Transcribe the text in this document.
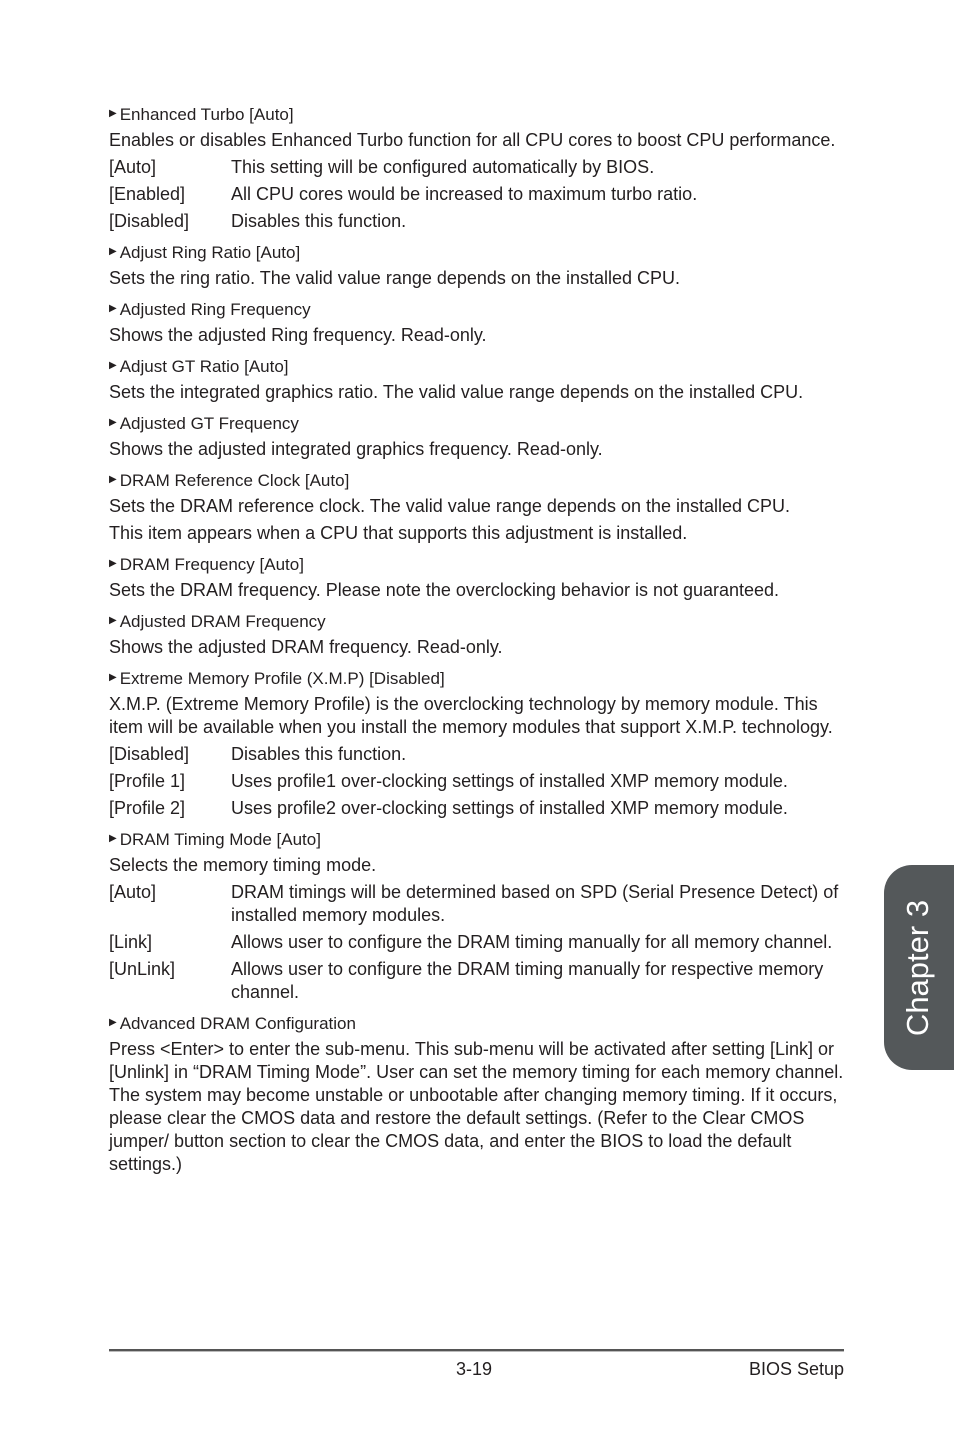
▶ Enhanced Turbo [Auto]

Enables or disables Enhanced Turbo function for all CPU cores to boost CPU performance.

[Auto]	This setting will be configured automatically by BIOS.
[Enabled]	All CPU cores would be increased to maximum turbo ratio.
[Disabled]	Disables this function.
▶ Adjust Ring Ratio [Auto]

Sets the ring ratio. The valid value range depends on the installed CPU.

▶ Adjusted Ring Frequency

Shows the adjusted Ring frequency. Read-only.

▶ Adjust GT Ratio [Auto]

Sets the integrated graphics ratio. The valid value range depends on the installed CPU.

▶ Adjusted GT Frequency

Shows the adjusted integrated graphics frequency. Read-only.

▶ DRAM Reference Clock [Auto]

Sets the DRAM reference clock. The valid value range depends on the installed CPU.

This item appears when a CPU that supports this adjustment is installed.

▶ DRAM Frequency [Auto]

Sets the DRAM frequency. Please note the overclocking behavior is not guaranteed.

▶ Adjusted DRAM Frequency

Shows the adjusted DRAM frequency. Read-only.

▶ Extreme Memory Profile (X.M.P) [Disabled]

X.M.P. (Extreme Memory Profile) is the overclocking technology by memory module. This item will be available when you install the memory modules that support X.M.P. technology.

[Disabled]	Disables this function.
[Profile 1]	Uses profile1 over-clocking settings of installed XMP memory module.
[Profile 2]	Uses profile2 over-clocking settings of installed XMP memory module.
▶ DRAM Timing Mode [Auto]

Selects the memory timing mode.

[Auto]	DRAM timings will be determined based on SPD (Serial Presence Detect) of installed memory modules.
[Link]	Allows user to configure the DRAM timing manually for all memory channel.
[UnLink]	Allows user to configure the DRAM timing manually for respective memory channel.
▶ Advanced DRAM Configuration

Press <Enter> to enter the sub-menu. This sub-menu will be activated after setting [Link] or [Unlink] in “DRAM Timing Mode”. User can set the memory timing for each memory channel. The system may become unstable or unbootable after changing memory timing. If it occurs, please clear the CMOS data and restore the default settings. (Refer to the Clear CMOS jumper/ button section to clear the CMOS data, and enter the BIOS to load the default settings.)

3-19	BIOS Setup
Chapter 3
